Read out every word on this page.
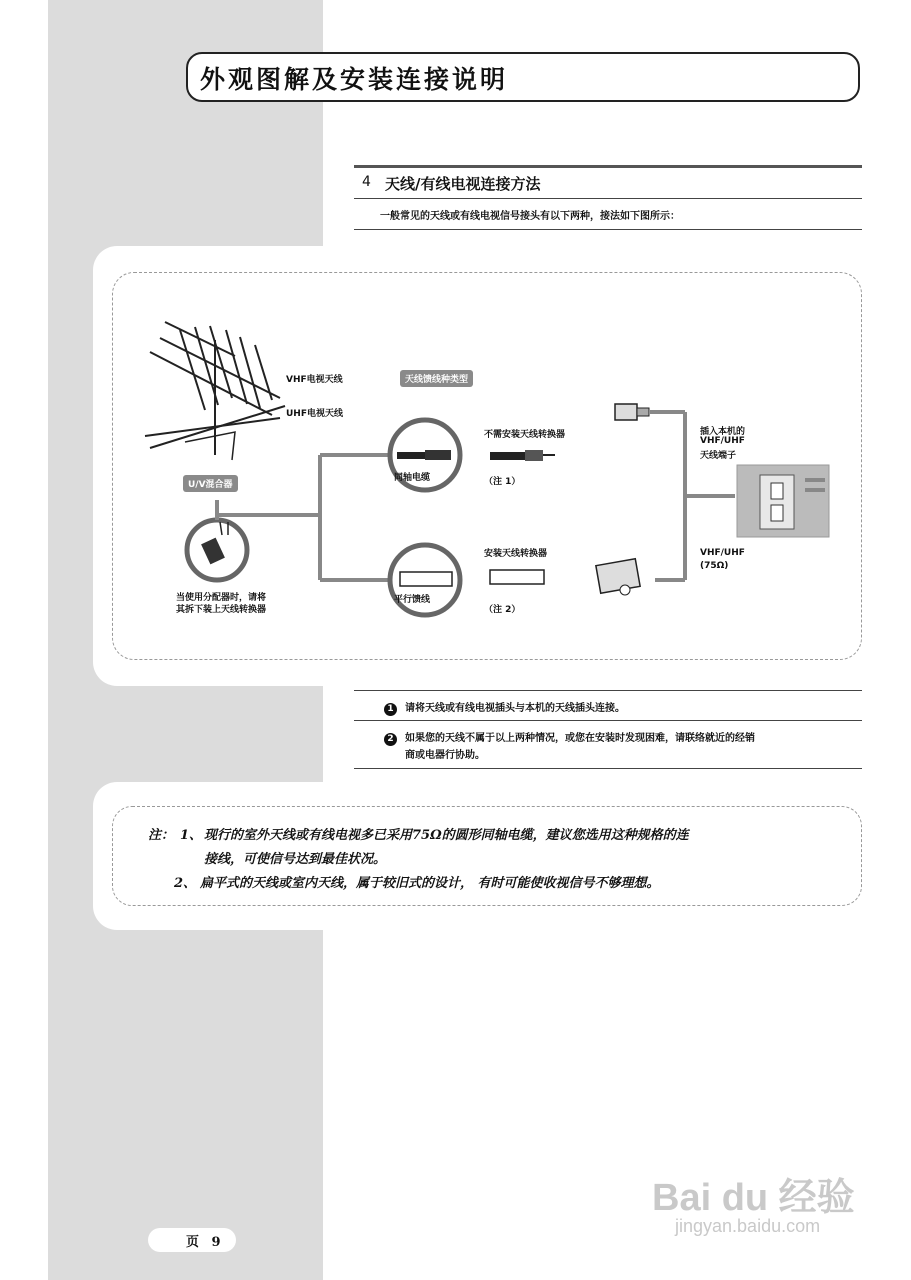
外观图解及安装连接说明
4 天线/有线电视连接方法
一般常见的天线或有线电视信号接头有以下两种，接法如下图所示：
VHF电视天线
UHF电视天线
U/V混合器
天线馈线种类型
同轴电缆
平行馈线
不需安装天线转换器
安装天线转换器
（注 1）
（注 2）
插入本机的
VHF/UHF
天线端子
VHF/UHF
(75Ω)
当使用分配器时，请将
其拆下装上天线转换器
1 请将天线或有线电视插头与本机的天线插头连接。
2 如果您的天线不属于以上两种情况，或您在安装时发现困难，请联络就近的经销
商或电器行协助。
注： 1、 现行的室外天线或有线电视多已采用75Ω的圆形同轴电缆，建议您选用这种规格的连
接线，可使信号达到最佳状况。
2、 扁平式的天线或室内天线，属于较旧式的设计， 有时可能使收视信号不够理想。
Bai du 经验
jingyan.baidu.com
页 9
